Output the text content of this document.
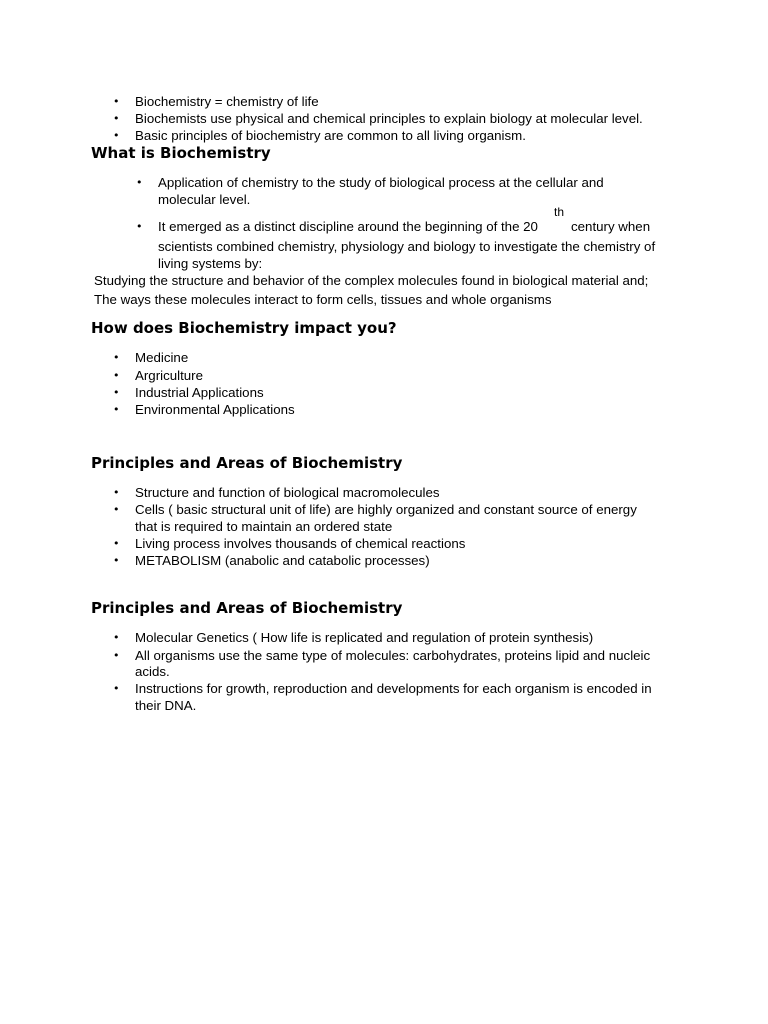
• Biochemistry = chemistry of life
• Biochemists use physical and chemical principles to explain biology at molecular level.
• Basic principles of biochemistry are common to all living organism.
What is Biochemistry
• Application of chemistry to the study of biological process at the cellular and
molecular level.
th
• It emerged as a distinct discipline around the beginning of the 20 century when
scientists combined chemistry, physiology and biology to investigate the chemistry of
living systems by:
Studying the structure and behavior of the complex molecules found in biological material and;
The ways these molecules interact to form cells, tissues and whole organisms
How does Biochemistry impact you?
• Medicine
• Argriculture
• Industrial Applications
• Environmental Applications
Principles and Areas of Biochemistry
• Structure and function of biological macromolecules
• Cells ( basic structural unit of life) are highly organized and constant source of energy
that is required to maintain an ordered state
• Living process involves thousands of chemical reactions
• METABOLISM (anabolic and catabolic processes)
Principles and Areas of Biochemistry
• Molecular Genetics ( How life is replicated and regulation of protein synthesis)
• All organisms use the same type of molecules: carbohydrates, proteins lipid and nucleic
acids.
• Instructions for growth, reproduction and developments for each organism is encoded in
their DNA.
